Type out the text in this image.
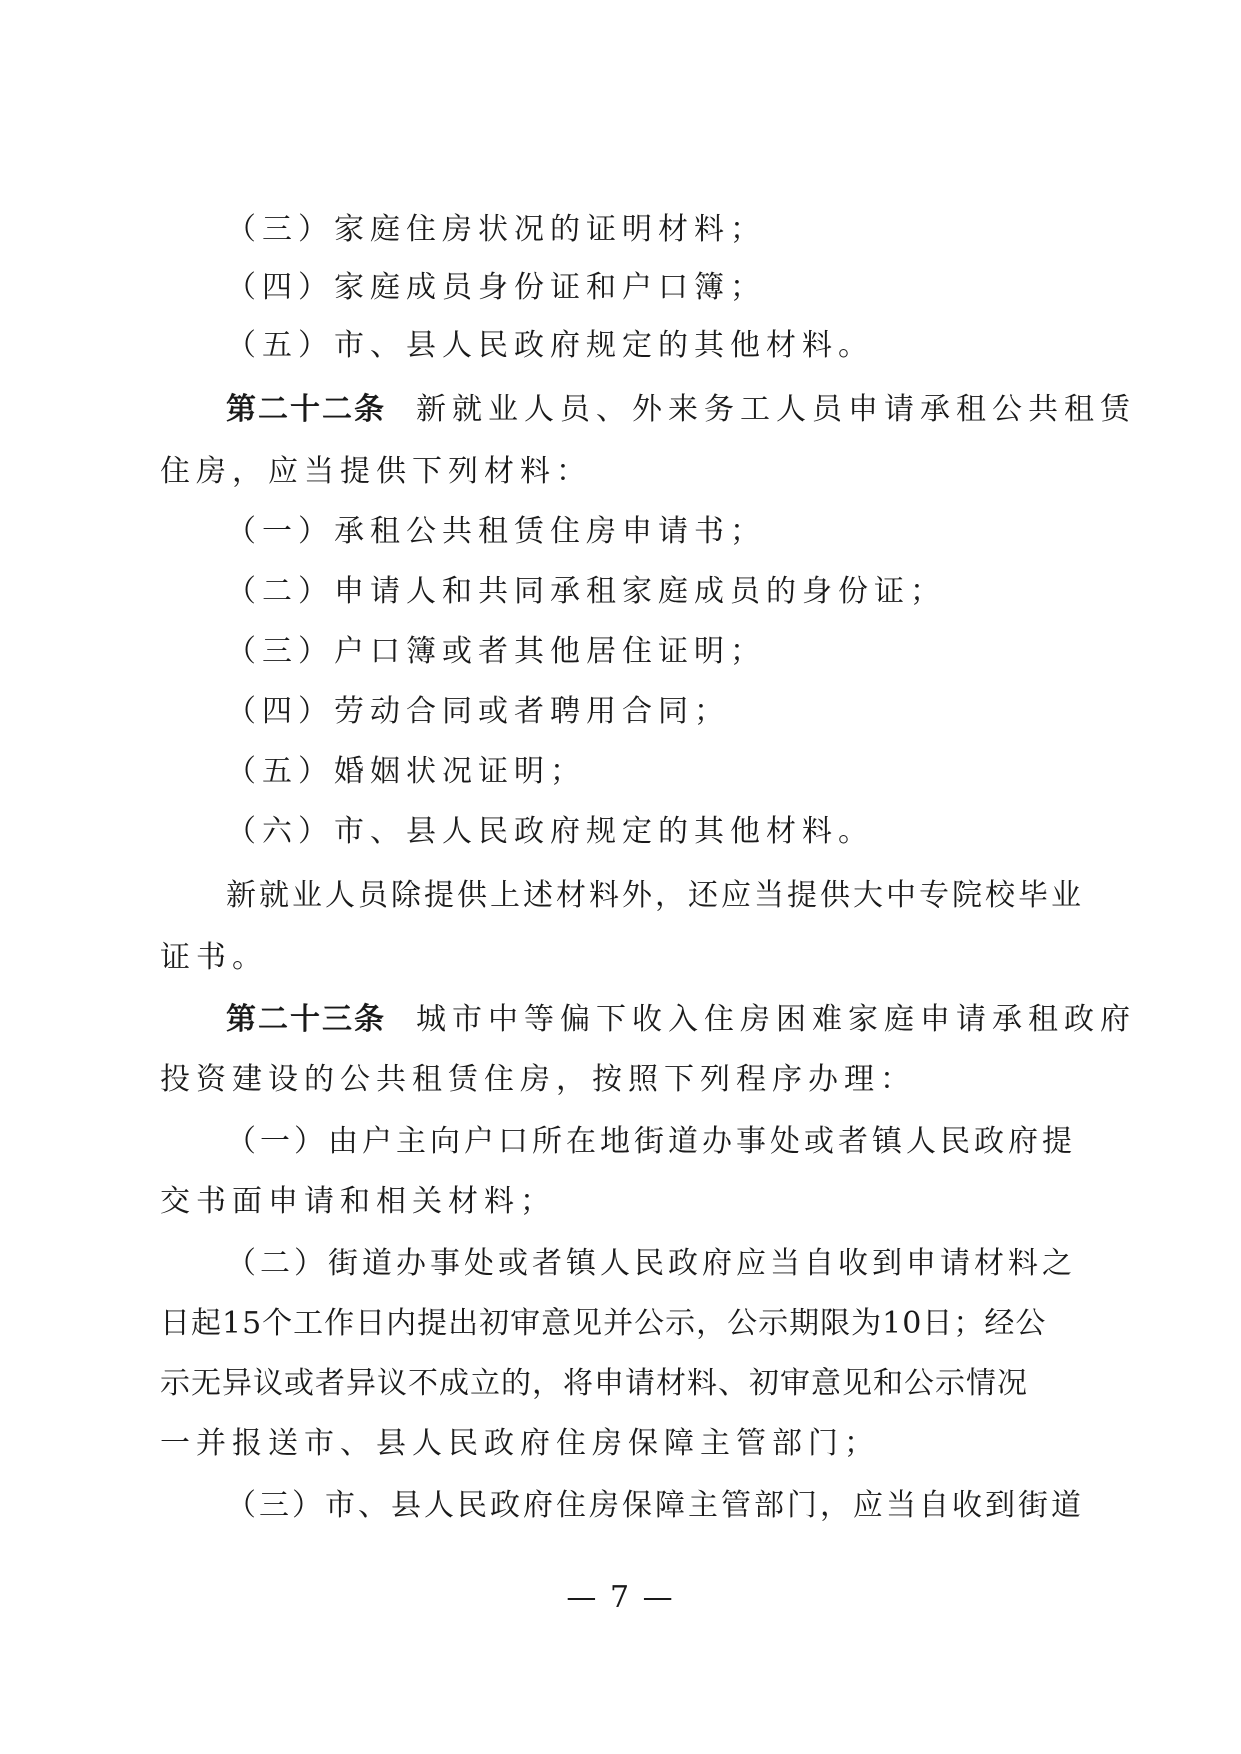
（三）家庭住房状况的证明材料；
（四）家庭成员身份证和户口簿；
（五）市、县人民政府规定的其他材料。
第二十二条 新就业人员、外来务工人员申请承租公共租赁
住房，应当提供下列材料：
（一）承租公共租赁住房申请书；
（二）申请人和共同承租家庭成员的身份证；
（三）户口簿或者其他居住证明；
（四）劳动合同或者聘用合同；
（五）婚姻状况证明；
（六）市、县人民政府规定的其他材料。
新就业人员除提供上述材料外，还应当提供大中专院校毕业
证书。
第二十三条 城市中等偏下收入住房困难家庭申请承租政府
投资建设的公共租赁住房，按照下列程序办理：
（一）由户主向户口所在地街道办事处或者镇人民政府提
交书面申请和相关材料；
（二）街道办事处或者镇人民政府应当自收到申请材料之
日起15个工作日内提出初审意见并公示，公示期限为10日；经公
示无异议或者异议不成立的，将申请材料、初审意见和公示情况
一并报送市、县人民政府住房保障主管部门；
（三）市、县人民政府住房保障主管部门，应当自收到街道
— 7 —
